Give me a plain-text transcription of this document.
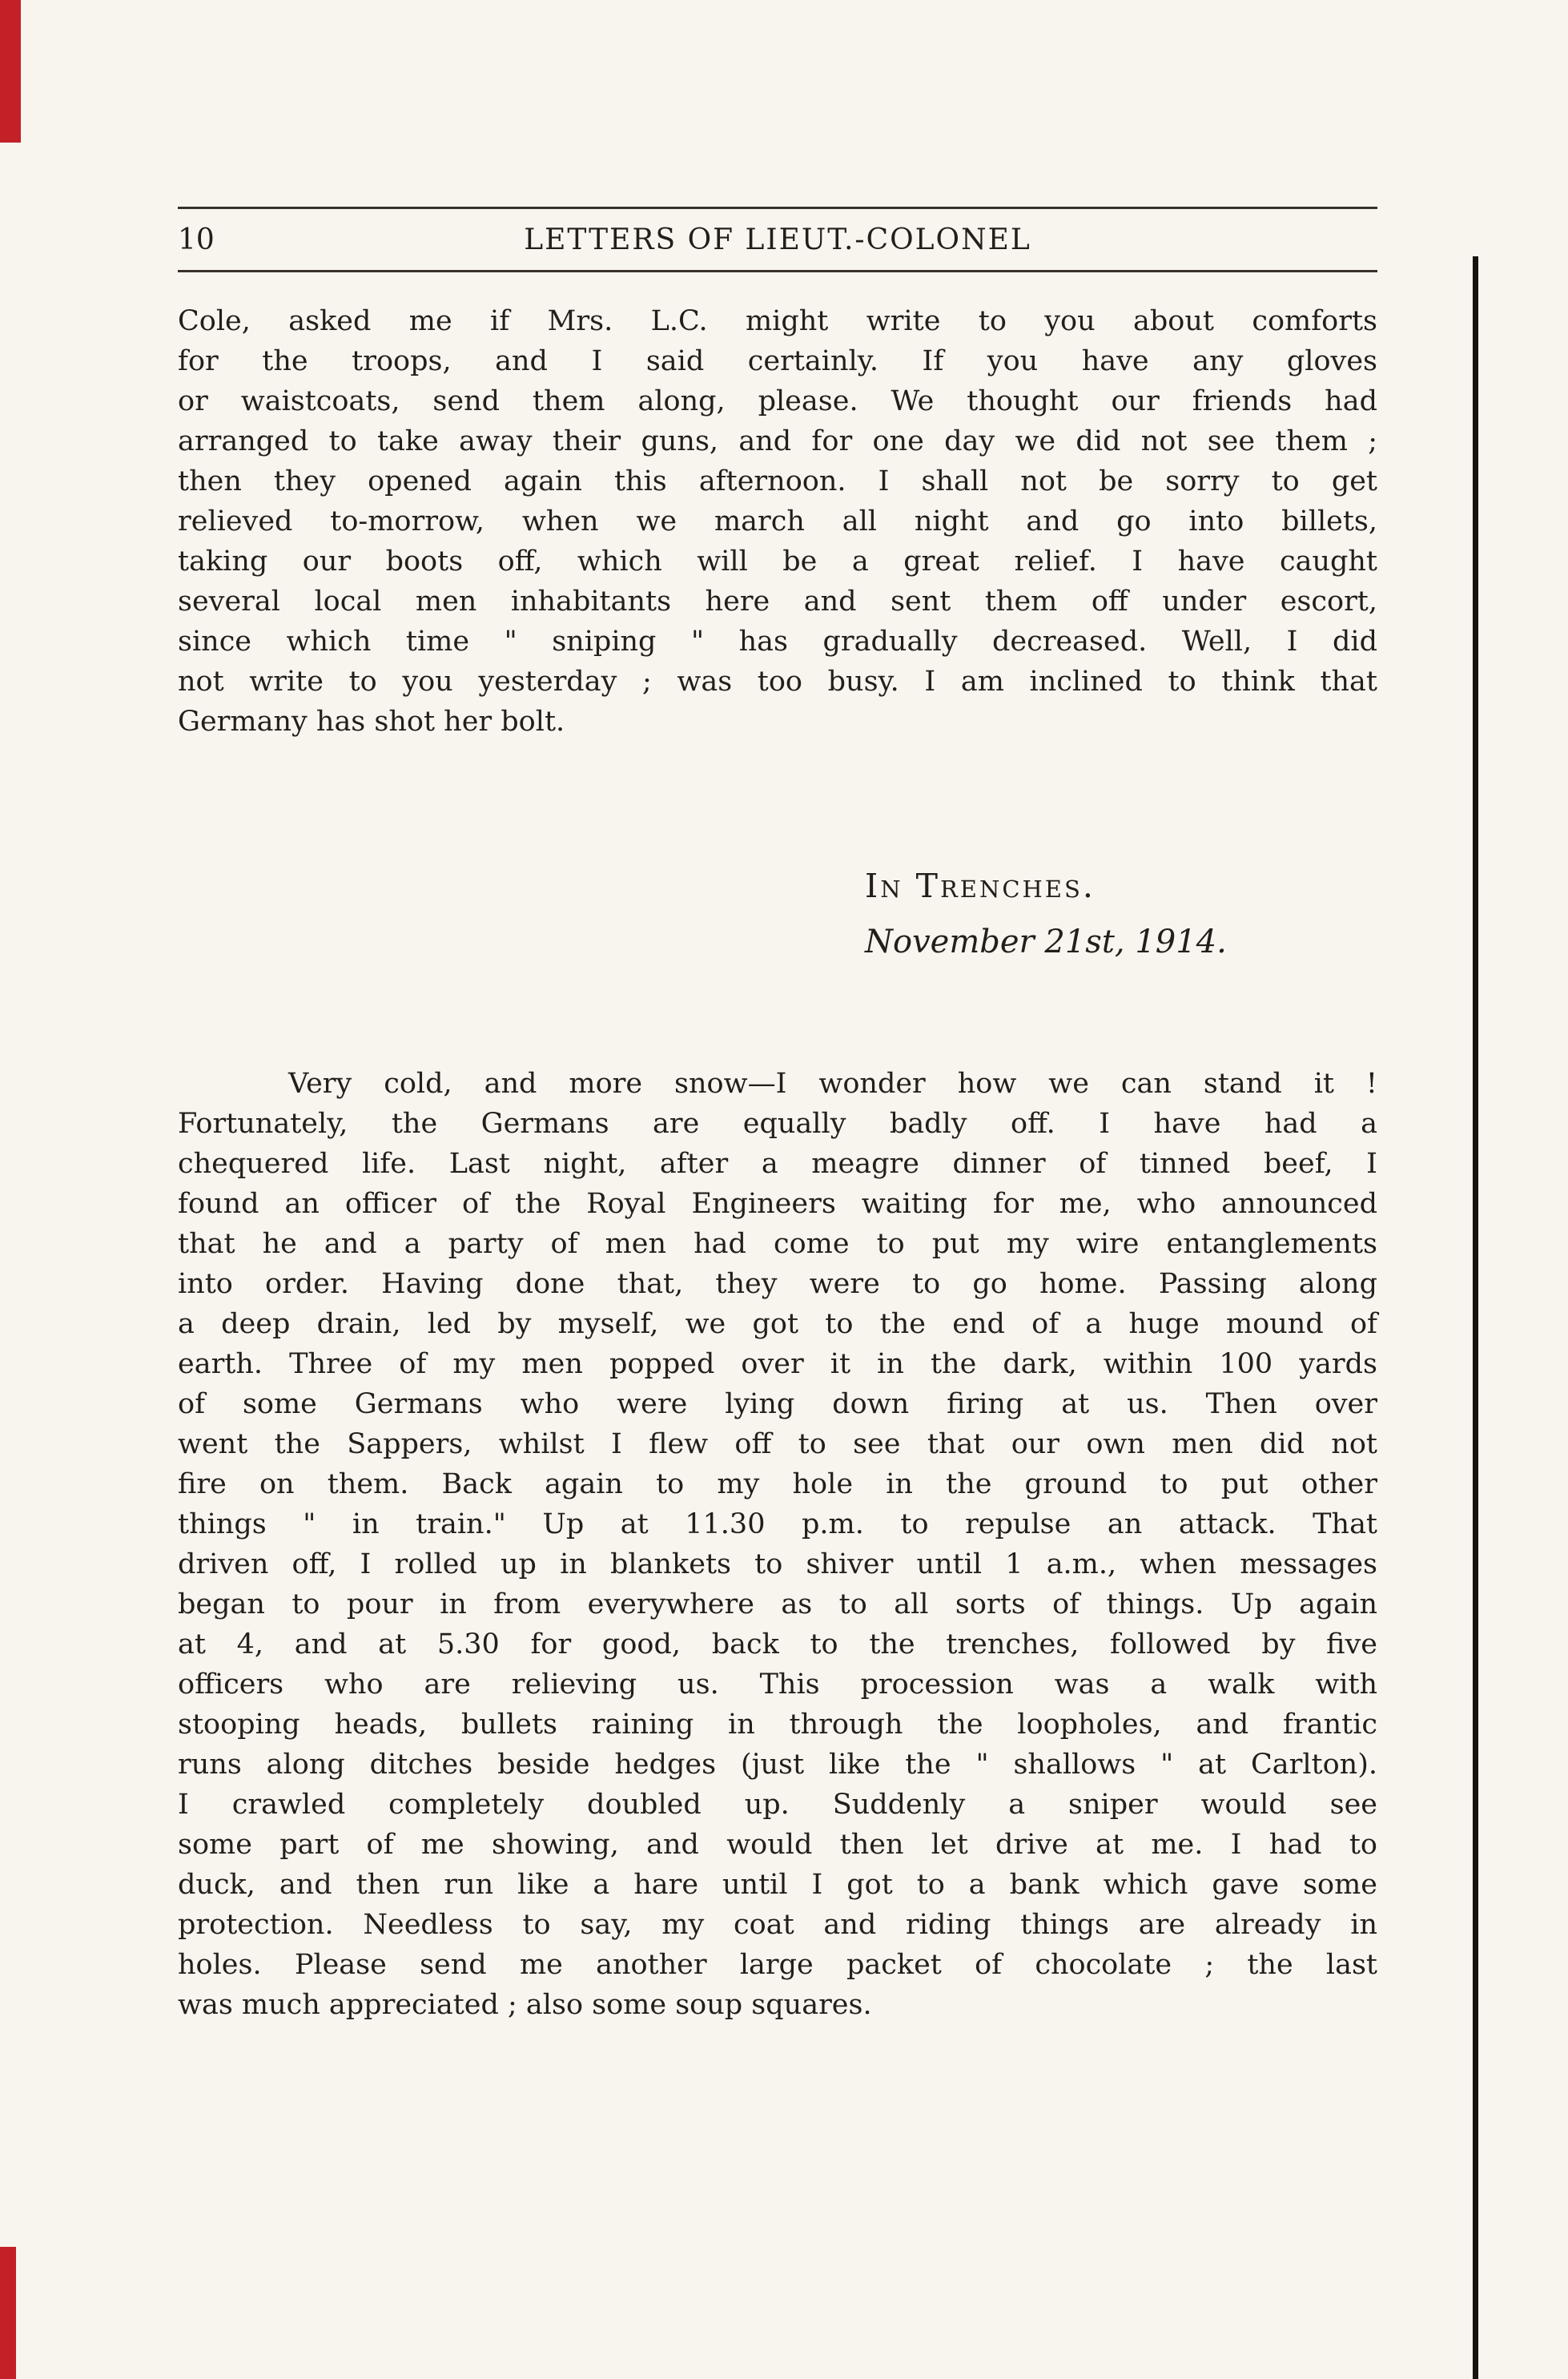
10	LETTERS OF LIEUT.-COLONEL
Cole, asked me if Mrs. L.C. might write to you about comforts
for the troops, and I said certainly. If you have any gloves
or waistcoats, send them along, please. We thought our friends had
arranged to take away their guns, and for one day we did not see them ;
then they opened again this afternoon. I shall not be sorry to get
relieved to-morrow, when we march all night and go into billets,
taking our boots off, which will be a great relief. I have caught
several local men inhabitants here and sent them off under escort,
since which time " sniping " has gradually decreased. Well, I did
not write to you yesterday ; was too busy. I am inclined to think that
Germany has shot her bolt.
In Trenches.
November 21st, 1914.
Very cold, and more snow—I wonder how we can stand it !
Fortunately, the Germans are equally badly off. I have had a
chequered life. Last night, after a meagre dinner of tinned beef, I
found an officer of the Royal Engineers waiting for me, who announced
that he and a party of men had come to put my wire entanglements
into order. Having done that, they were to go home. Passing along
a deep drain, led by myself, we got to the end of a huge mound of
earth. Three of my men popped over it in the dark, within 100 yards
of some Germans who were lying down firing at us. Then over
went the Sappers, whilst I flew off to see that our own men did not
fire on them. Back again to my hole in the ground to put other
things " in train." Up at 11.30 p.m. to repulse an attack. That
driven off, I rolled up in blankets to shiver until 1 a.m., when messages
began to pour in from everywhere as to all sorts of things. Up again
at 4, and at 5.30 for good, back to the trenches, followed by five
officers who are relieving us. This procession was a walk with
stooping heads, bullets raining in through the loopholes, and frantic
runs along ditches beside hedges (just like the " shallows " at Carlton).
I crawled completely doubled up. Suddenly a sniper would see
some part of me showing, and would then let drive at me. I had to
duck, and then run like a hare until I got to a bank which gave some
protection. Needless to say, my coat and riding things are already in
holes. Please send me another large packet of chocolate ; the last
was much appreciated ; also some soup squares.
